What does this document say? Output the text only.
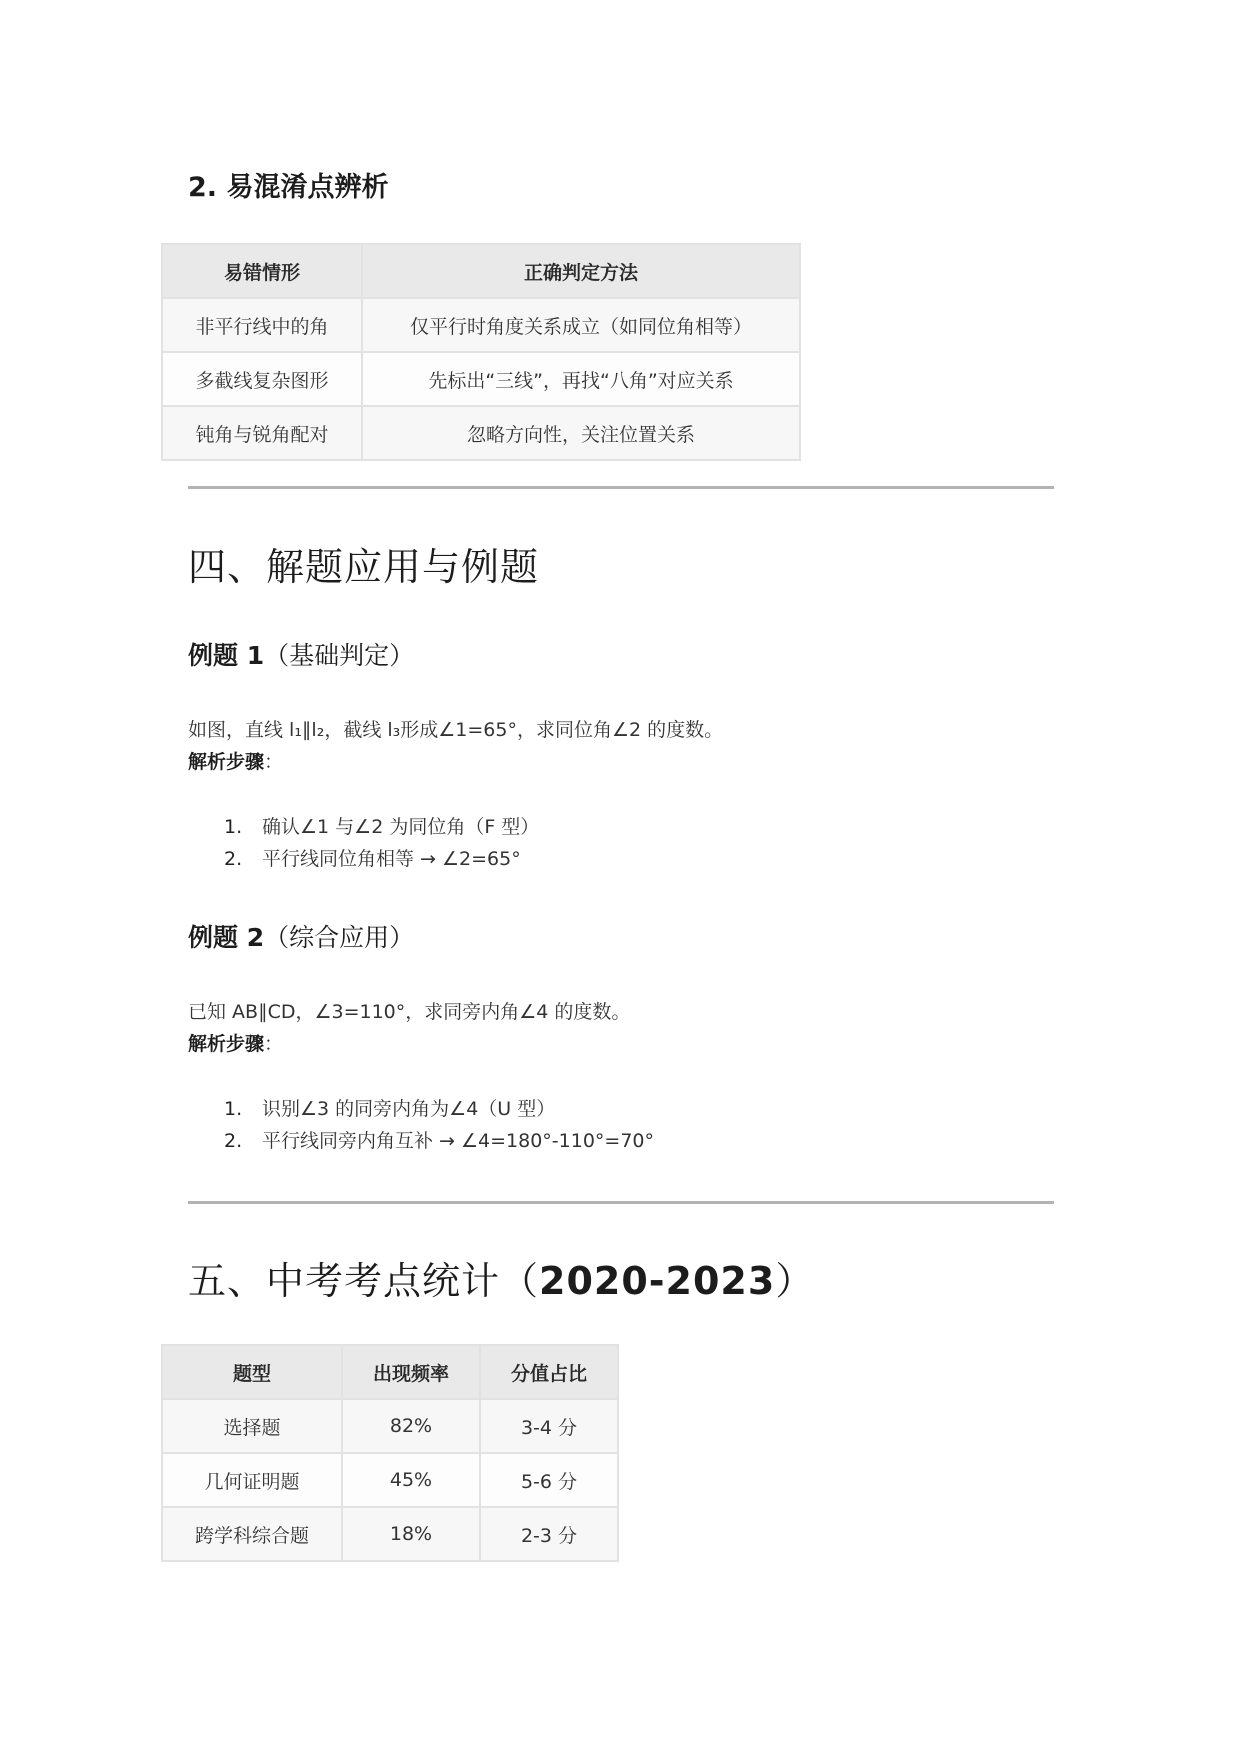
2. 易混淆点辨析
易错情形	正确判定方法
非平行线中的角	仅平行时角度关系成立（如同位角相等）
多截线复杂图形	先标出“三线”，再找“八角”对应关系
钝角与锐角配对	忽略方向性，关注位置关系
四、解题应用与例题
例题 1（基础判定）
如图，直线 l₁∥l₂，截线 l₃形成∠1=65°，求同位角∠2 的度数。
解析步骤：
1. 确认∠1 与∠2 为同位角（F 型）
2. 平行线同位角相等 → ∠2=65°
例题 2（综合应用）
已知 AB∥CD，∠3=110°，求同旁内角∠4 的度数。
解析步骤：
1. 识别∠3 的同旁内角为∠4（U 型）
2. 平行线同旁内角互补 → ∠4=180°-110°=70°
五、中考考点统计（2020-2023）
题型	出现频率	分值占比
选择题	82%	3-4 分
几何证明题	45%	5-6 分
跨学科综合题	18%	2-3 分
